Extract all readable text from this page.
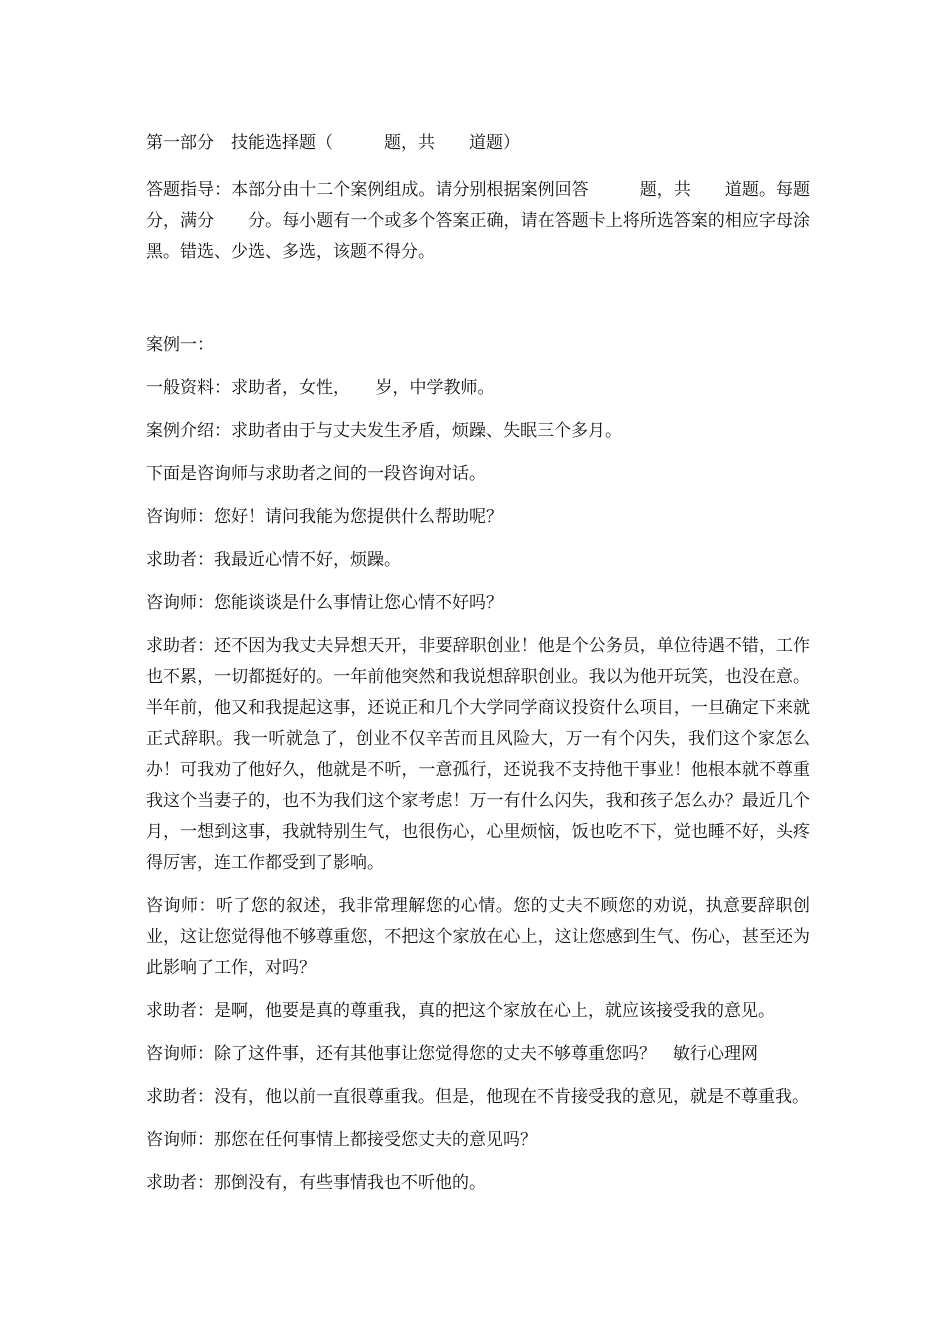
第一部分　技能选择题（　　　题，共　　道题）

答题指导：本部分由十二个案例组成。请分别根据案例回答　　　题，共　　道题。每题　分，满分　　分。每小题有一个或多个答案正确，请在答题卡上将所选答案的相应字母涂黑。错选、少选、多选，该题不得分。

案例一：

一般资料：求助者，女性，　　岁，中学教师。

案例介绍：求助者由于与丈夫发生矛盾，烦躁、失眠三个多月。

下面是咨询师与求助者之间的一段咨询对话。

咨询师：您好！请问我能为您提供什么帮助呢？

求助者：我最近心情不好，烦躁。

咨询师：您能谈谈是什么事情让您心情不好吗？

求助者：还不因为我丈夫异想天开，非要辞职创业！他是个公务员，单位待遇不错，工作也不累，一切都挺好的。一年前他突然和我说想辞职创业。我以为他开玩笑，也没在意。半年前，他又和我提起这事，还说正和几个大学同学商议投资什么项目，一旦确定下来就正式辞职。我一听就急了，创业不仅辛苦而且风险大，万一有个闪失，我们这个家怎么办！可我劝了他好久，他就是不听，一意孤行，还说我不支持他干事业！他根本就不尊重我这个当妻子的，也不为我们这个家考虑！万一有什么闪失，我和孩子怎么办？最近几个月，一想到这事，我就特别生气，也很伤心，心里烦恼，饭也吃不下，觉也睡不好，头疼得厉害，连工作都受到了影响。

咨询师：听了您的叙述，我非常理解您的心情。您的丈夫不顾您的劝说，执意要辞职创业，这让您觉得他不够尊重您，不把这个家放在心上，这让您感到生气、伤心，甚至还为此影响了工作，对吗？

求助者：是啊，他要是真的尊重我，真的把这个家放在心上，就应该接受我的意见。

咨询师：除了这件事，还有其他事让您觉得您的丈夫不够尊重您吗？　敏行心理网

求助者：没有，他以前一直很尊重我。但是，他现在不肯接受我的意见，就是不尊重我。

咨询师：那您在任何事情上都接受您丈夫的意见吗？

求助者：那倒没有，有些事情我也不听他的。
